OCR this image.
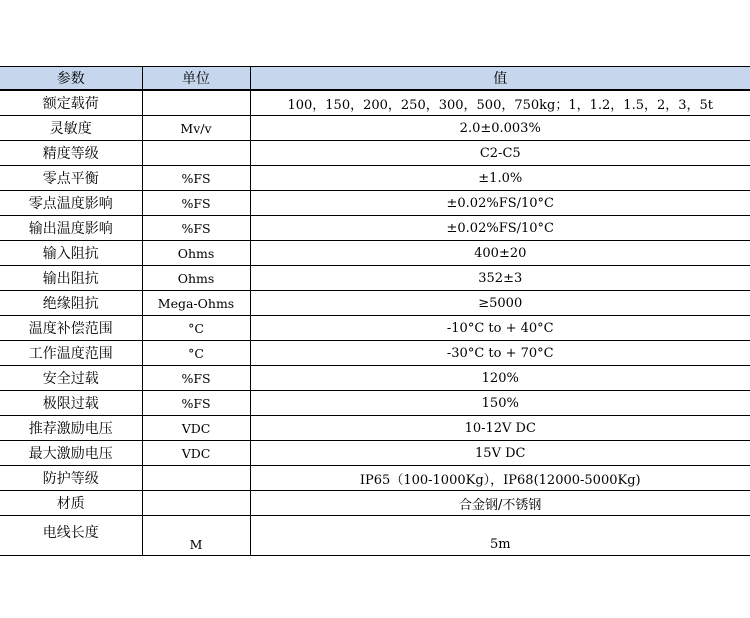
参数	单位	值
额定载荷		100，150，200，250，300，500，750kg；1，1.2，1.5，2，3，5t
灵敏度	Mv/v	2.0±0.003%
精度等级		C2-C5
零点平衡	%FS	±1.0%
零点温度影响	%FS	±0.02%FS/10°C
输出温度影响	%FS	±0.02%FS/10°C
输入阻抗	Ohms	400±20
输出阻抗	Ohms	352±3
绝缘阻抗	Mega-Ohms	≥5000
温度补偿范围	°C	-10°C to + 40°C
工作温度范围	°C	-30°C to + 70°C
安全过载	%FS	120%
极限过载	%FS	150%
推荐激励电压	VDC	10-12V DC
最大激励电压	VDC	15V DC
防护等级		IP65（100-1000Kg），IP68(12000-5000Kg)
材质		合金钢/不锈钢
电线长度	M	5m
